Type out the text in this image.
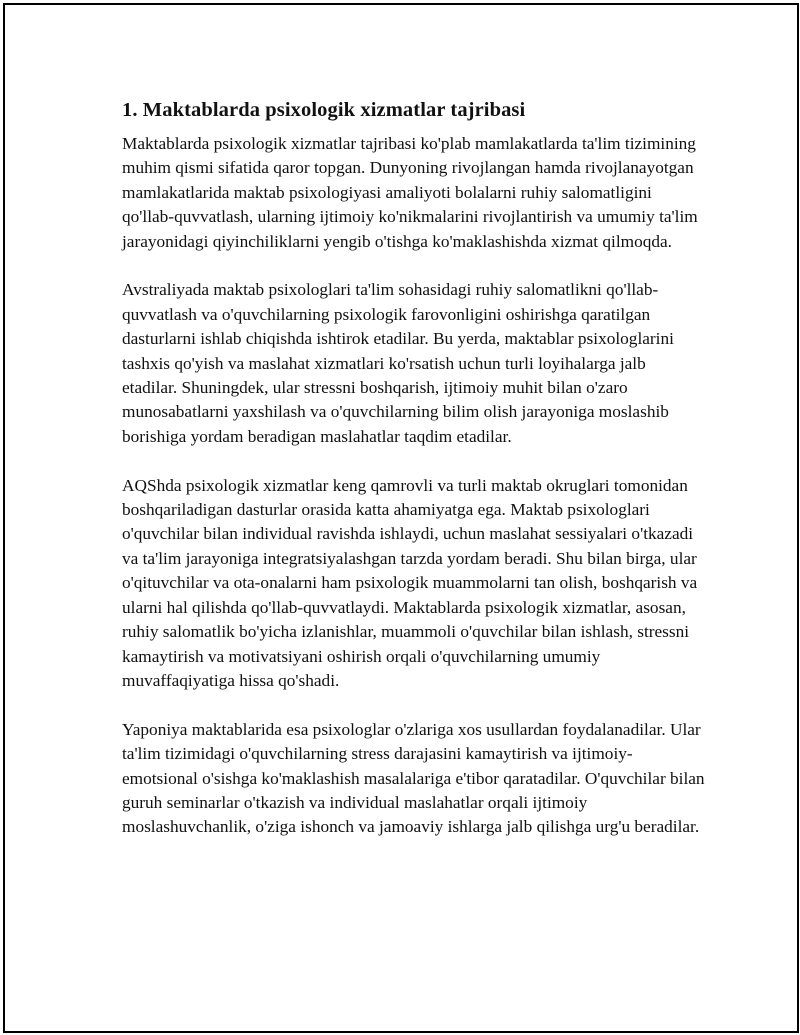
1. Maktablarda psixologik xizmatlar tajribasi

Maktablarda psixologik xizmatlar tajribasi ko'plab mamlakatlarda ta'lim tizimining muhim qismi sifatida qaror topgan. Dunyoning rivojlangan hamda rivojlanayotgan mamlakatlarida maktab psixologiyasi amaliyoti bolalarni ruhiy salomatligini qo'llab-quvvatlash, ularning ijtimoiy ko'nikmalarini rivojlantirish va umumiy ta'lim jarayonidagi qiyinchiliklarni yengib o'tishga ko'maklashishda xizmat qilmoqda.

Avstraliyada maktab psixologlari ta'lim sohasidagi ruhiy salomatlikni qo'llab-quvvatlash va o'quvchilarning psixologik farovonligini oshirishga qaratilgan dasturlarni ishlab chiqishda ishtirok etadilar. Bu yerda, maktablar psixologlarini tashxis qo'yish va maslahat xizmatlari ko'rsatish uchun turli loyihalarga jalb etadilar. Shuningdek, ular stressni boshqarish, ijtimoiy muhit bilan o'zaro munosabatlarni yaxshilash va o'quvchilarning bilim olish jarayoniga moslashib borishiga yordam beradigan maslahatlar taqdim etadilar.

AQShda psixologik xizmatlar keng qamrovli va turli maktab okruglari tomonidan boshqariladigan dasturlar orasida katta ahamiyatga ega. Maktab psixologlari o'quvchilar bilan individual ravishda ishlaydi, uchun maslahat sessiyalari o'tkazadi va ta'lim jarayoniga integratsiyalashgan tarzda yordam beradi. Shu bilan birga, ular o'qituvchilar va ota-onalarni ham psixologik muammolarni tan olish, boshqarish va ularni hal qilishda qo'llab-quvvatlaydi. Maktablarda psixologik xizmatlar, asosan, ruhiy salomatlik bo'yicha izlanishlar, muammoli o'quvchilar bilan ishlash, stressni kamaytirish va motivatsiyani oshirish orqali o'quvchilarning umumiy muvaffaqiyatiga hissa qo'shadi.

Yaponiya maktablarida esa psixologlar o'zlariga xos usullardan foydalanadilar. Ular ta'lim tizimidagi o'quvchilarning stress darajasini kamaytirish va ijtimoiy-emotsional o'sishga ko'maklashish masalalariga e'tibor qaratadilar. O'quvchilar bilan guruh seminarlar o'tkazish va individual maslahatlar orqali ijtimoiy moslashuvchanlik, o'ziga ishonch va jamoaviy ishlarga jalb qilishga urg'u beradilar.
